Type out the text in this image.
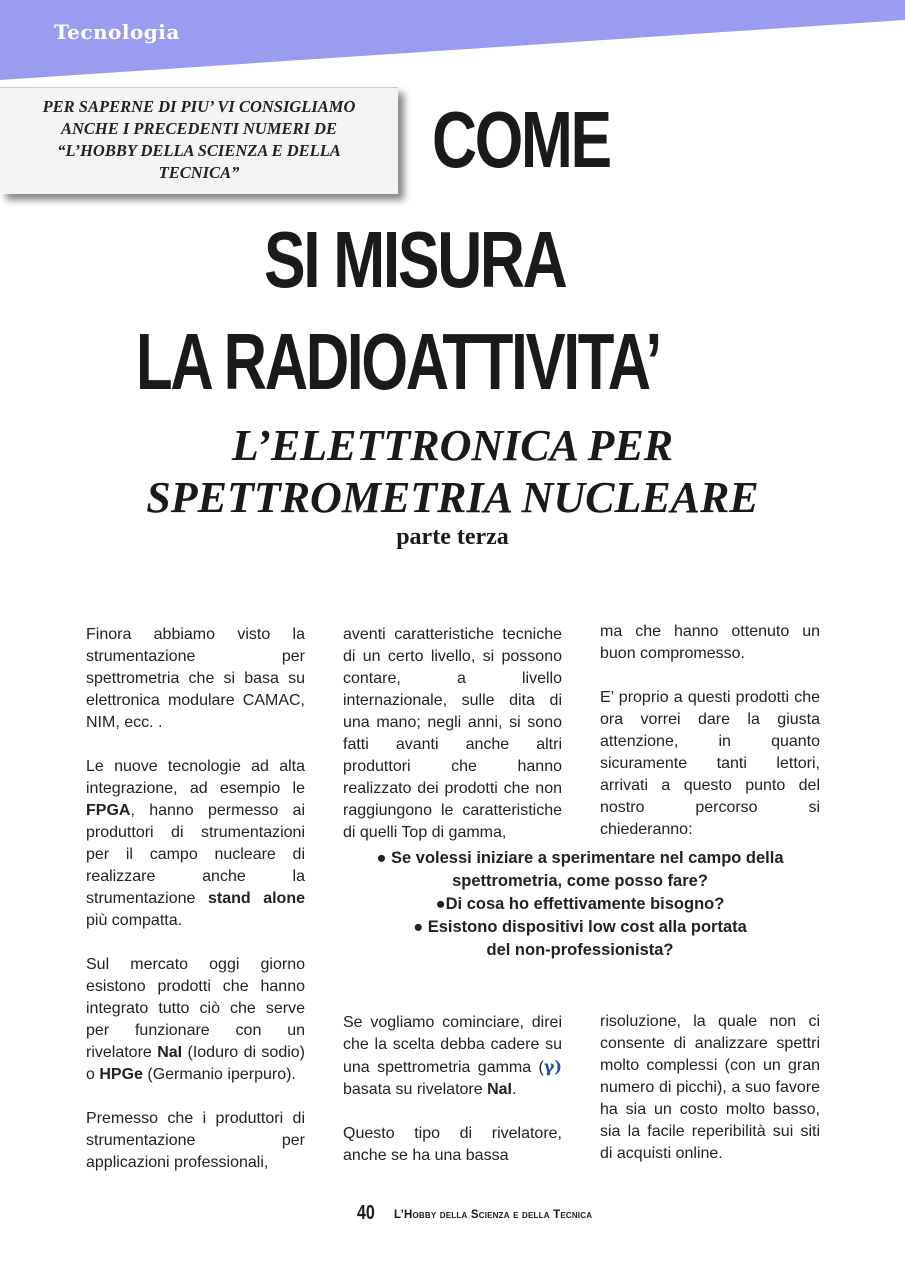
Tecnologia
PER SAPERNE DI PIU’ VI CONSIGLIAMO
ANCHE I PRECEDENTI NUMERI DE
“L’HOBBY DELLA SCIENZA E DELLA
TECNICA”	COME
SI MISURA
LA RADIOATTIVITA’
L’ELETTRONICA PER
SPETTROMETRIA NUCLEARE
parte terza

Finora abbiamo visto la strumentazione per spettrometria che si basa su elettronica modulare CAMAC, NIM, ecc. .

Le nuove tecnologie ad alta integrazione, ad esempio le FPGA, hanno permesso ai produttori di strumentazioni per il campo nucleare di realizzare anche la strumentazione stand alone più compatta.

Sul mercato oggi giorno esistono prodotti che hanno integrato tutto ciò che serve per funzionare con un rivelatore NaI (Ioduro di sodio) o HPGe (Germanio iperpuro).

Premesso che i produttori di strumentazione per applicazioni professionali,

aventi caratteristiche tecniche di un certo livello, si possono contare, a livello internazionale, sulle dita di una mano; negli anni, si sono fatti avanti anche altri produttori che hanno realizzato dei prodotti che non raggiungono le caratteristiche di quelli Top di gamma,

ma che hanno ottenuto un buon compromesso.

E’ proprio a questi prodotti che ora vorrei dare la giusta attenzione, in quanto sicuramente tanti lettori, arrivati a questo punto del nostro percorso si chiederanno:

● Se volessi iniziare a sperimentare nel campo della
spettrometria, come posso fare?
●Di cosa ho effettivamente bisogno?
● Esistono dispositivi low cost alla portata
del non-professionista?

Se vogliamo cominciare, direi che la scelta debba cadere su una spettrometria gamma (γ) basata su rivelatore NaI.

Questo tipo di rivelatore, anche se ha una bassa

risoluzione, la quale non ci consente di analizzare spettri molto complessi (con un gran numero di picchi), a suo favore ha sia un costo molto basso, sia la facile reperibilità sui siti di acquisti online.

40 L’Hobby della Scienza e della Tecnica
